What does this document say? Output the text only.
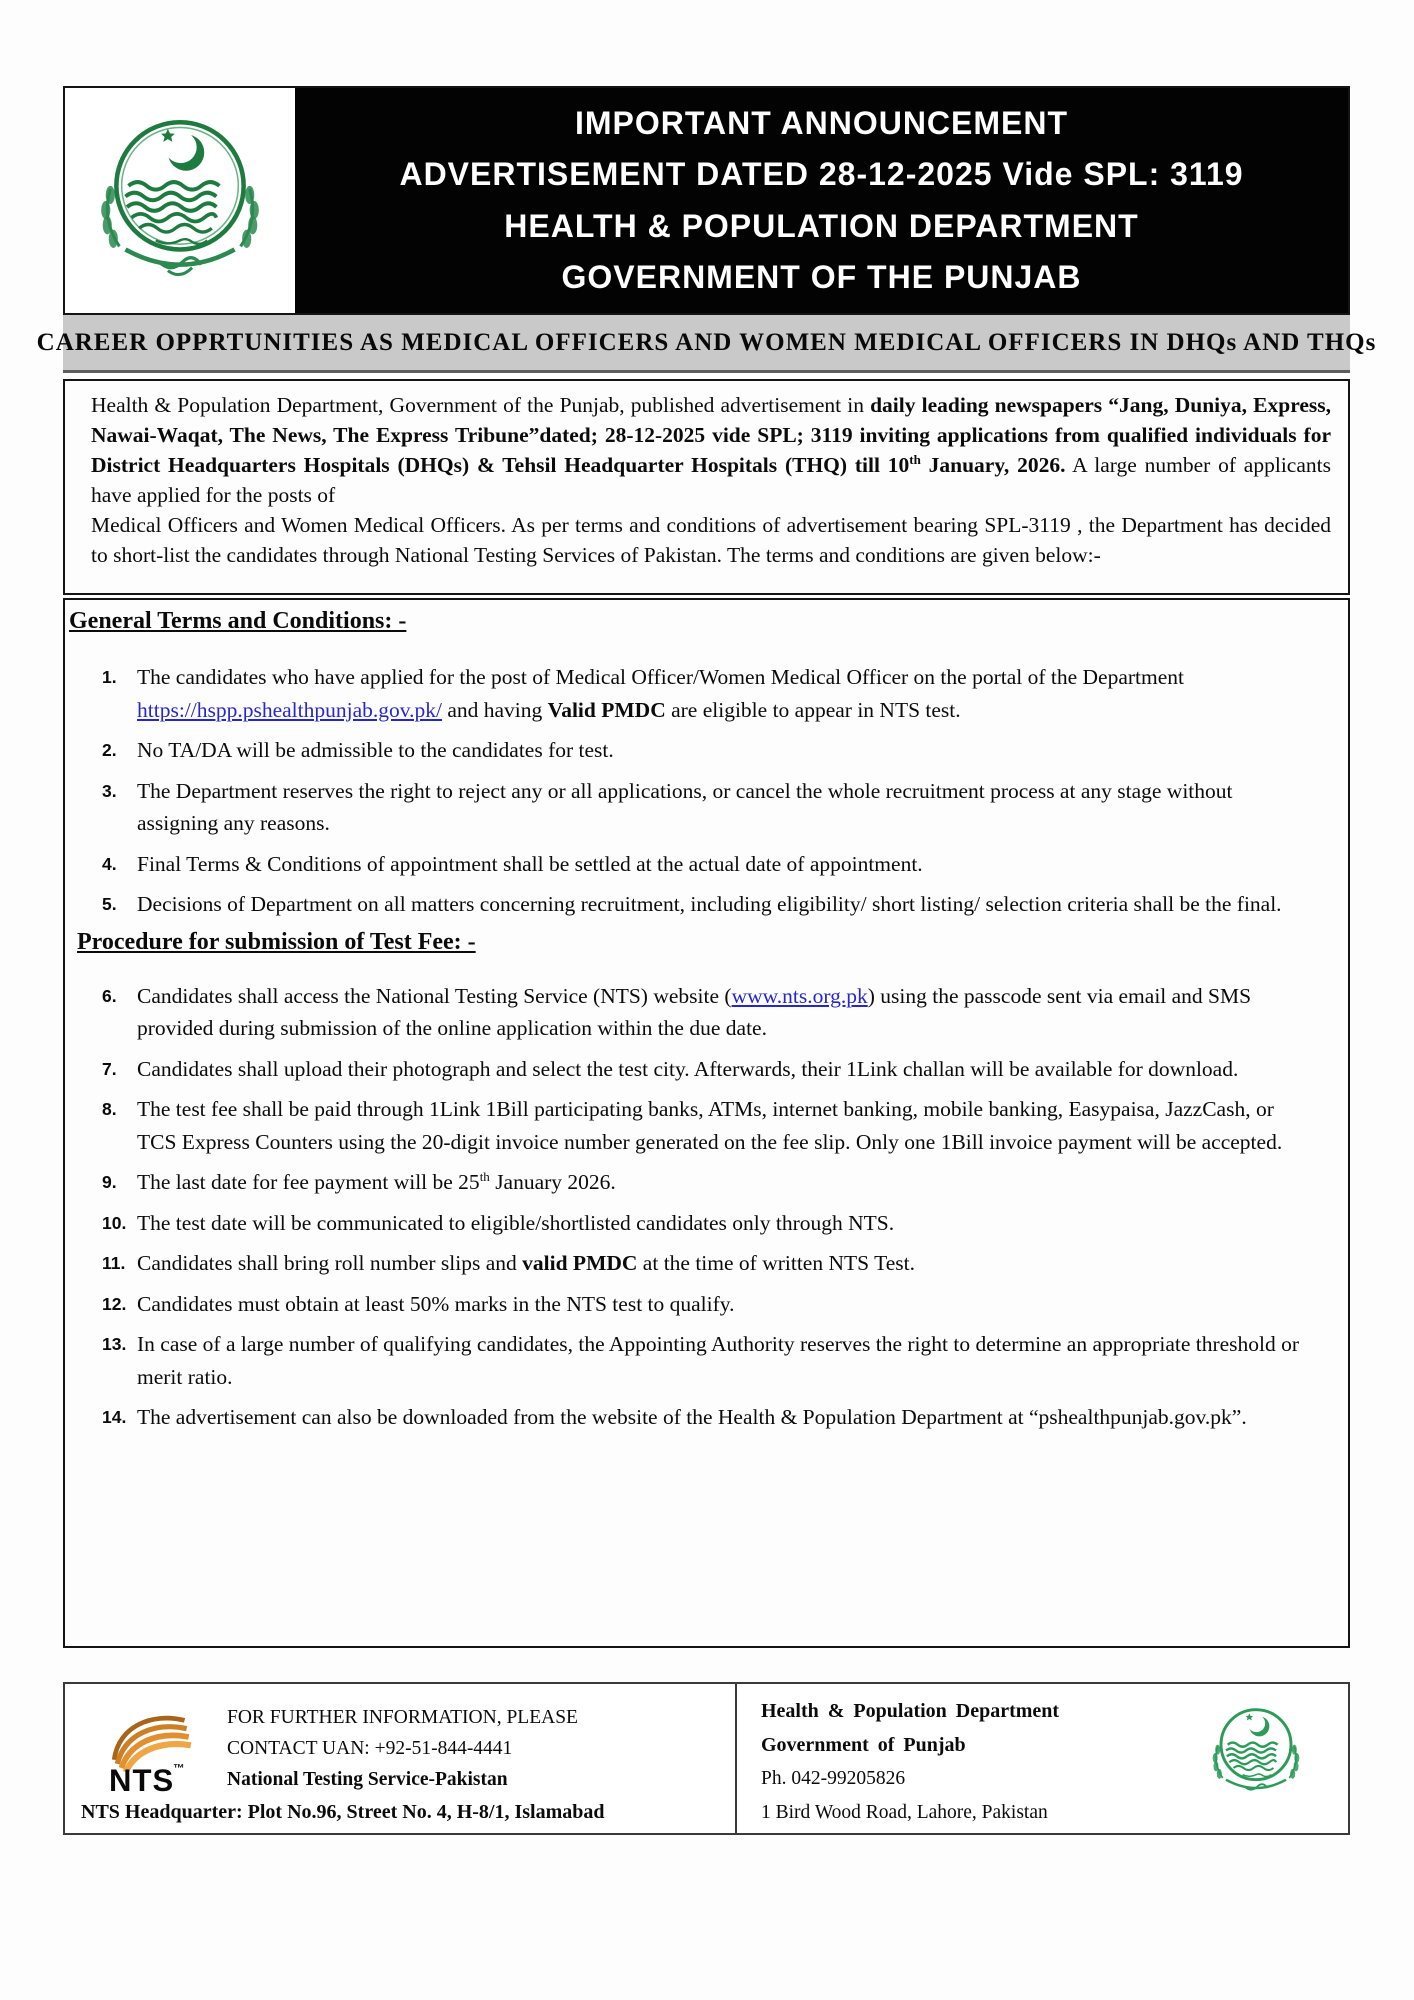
IMPORTANT ANNOUNCEMENT
ADVERTISEMENT DATED 28-12-2025 Vide SPL: 3119
HEALTH & POPULATION DEPARTMENT
GOVERNMENT OF THE PUNJAB
CAREER OPPRTUNITIES AS MEDICAL OFFICERS AND WOMEN MEDICAL OFFICERS IN DHQs AND THQs

Health & Population Department, Government of the Punjab, published advertisement in daily leading newspapers “Jang, Duniya, Express, Nawai-Waqat, The News, The Express Tribune”dated; 28-12-2025 vide SPL; 3119 inviting applications from qualified individuals for District Headquarters Hospitals (DHQs) & Tehsil Headquarter Hospitals (THQ) till 10th January, 2026. A large number of applicants have applied for the posts of

Medical Officers and Women Medical Officers. As per terms and conditions of advertisement bearing SPL-3119 , the Department has decided to short-list the candidates through National Testing Services of Pakistan. The terms and conditions are given below:-

General Terms and Conditions: -
1. The candidates who have applied for the post of Medical Officer/Women Medical Officer on the portal of the Department https://hspp.pshealthpunjab.gov.pk/ and having Valid PMDC are eligible to appear in NTS test.
2. No TA/DA will be admissible to the candidates for test.
3. The Department reserves the right to reject any or all applications, or cancel the whole recruitment process at any stage without assigning any reasons.
4. Final Terms & Conditions of appointment shall be settled at the actual date of appointment.
5. Decisions of Department on all matters concerning recruitment, including eligibility/ short listing/ selection criteria shall be the final.
Procedure for submission of Test Fee: -
6. Candidates shall access the National Testing Service (NTS) website (www.nts.org.pk) using the passcode sent via email and SMS provided during submission of the online application within the due date.
7. Candidates shall upload their photograph and select the test city. Afterwards, their 1Link challan will be available for download.
8. The test fee shall be paid through 1Link 1Bill participating banks, ATMs, internet banking, mobile banking, Easypaisa, JazzCash, or TCS Express Counters using the 20-digit invoice number generated on the fee slip. Only one 1Bill invoice payment will be accepted.
9. The last date for fee payment will be 25th January 2026.
10. The test date will be communicated to eligible/shortlisted candidates only through NTS.
11. Candidates shall bring roll number slips and valid PMDC at the time of written NTS Test.
12. Candidates must obtain at least 50% marks in the NTS test to qualify.
13. In case of a large number of qualifying candidates, the Appointing Authority reserves the right to determine an appropriate threshold or merit ratio.
14. The advertisement can also be downloaded from the website of the Health & Population Department at “pshealthpunjab.gov.pk”.
NTS
™
FOR FURTHER INFORMATION, PLEASE
CONTACT UAN: +92-51-844-4441
National Testing Service-Pakistan
NTS Headquarter: Plot No.96, Street No. 4, H-8/1, Islamabad
Health & Population Department
Government of Punjab
Ph. 042-99205826
1 Bird Wood Road, Lahore, Pakistan
